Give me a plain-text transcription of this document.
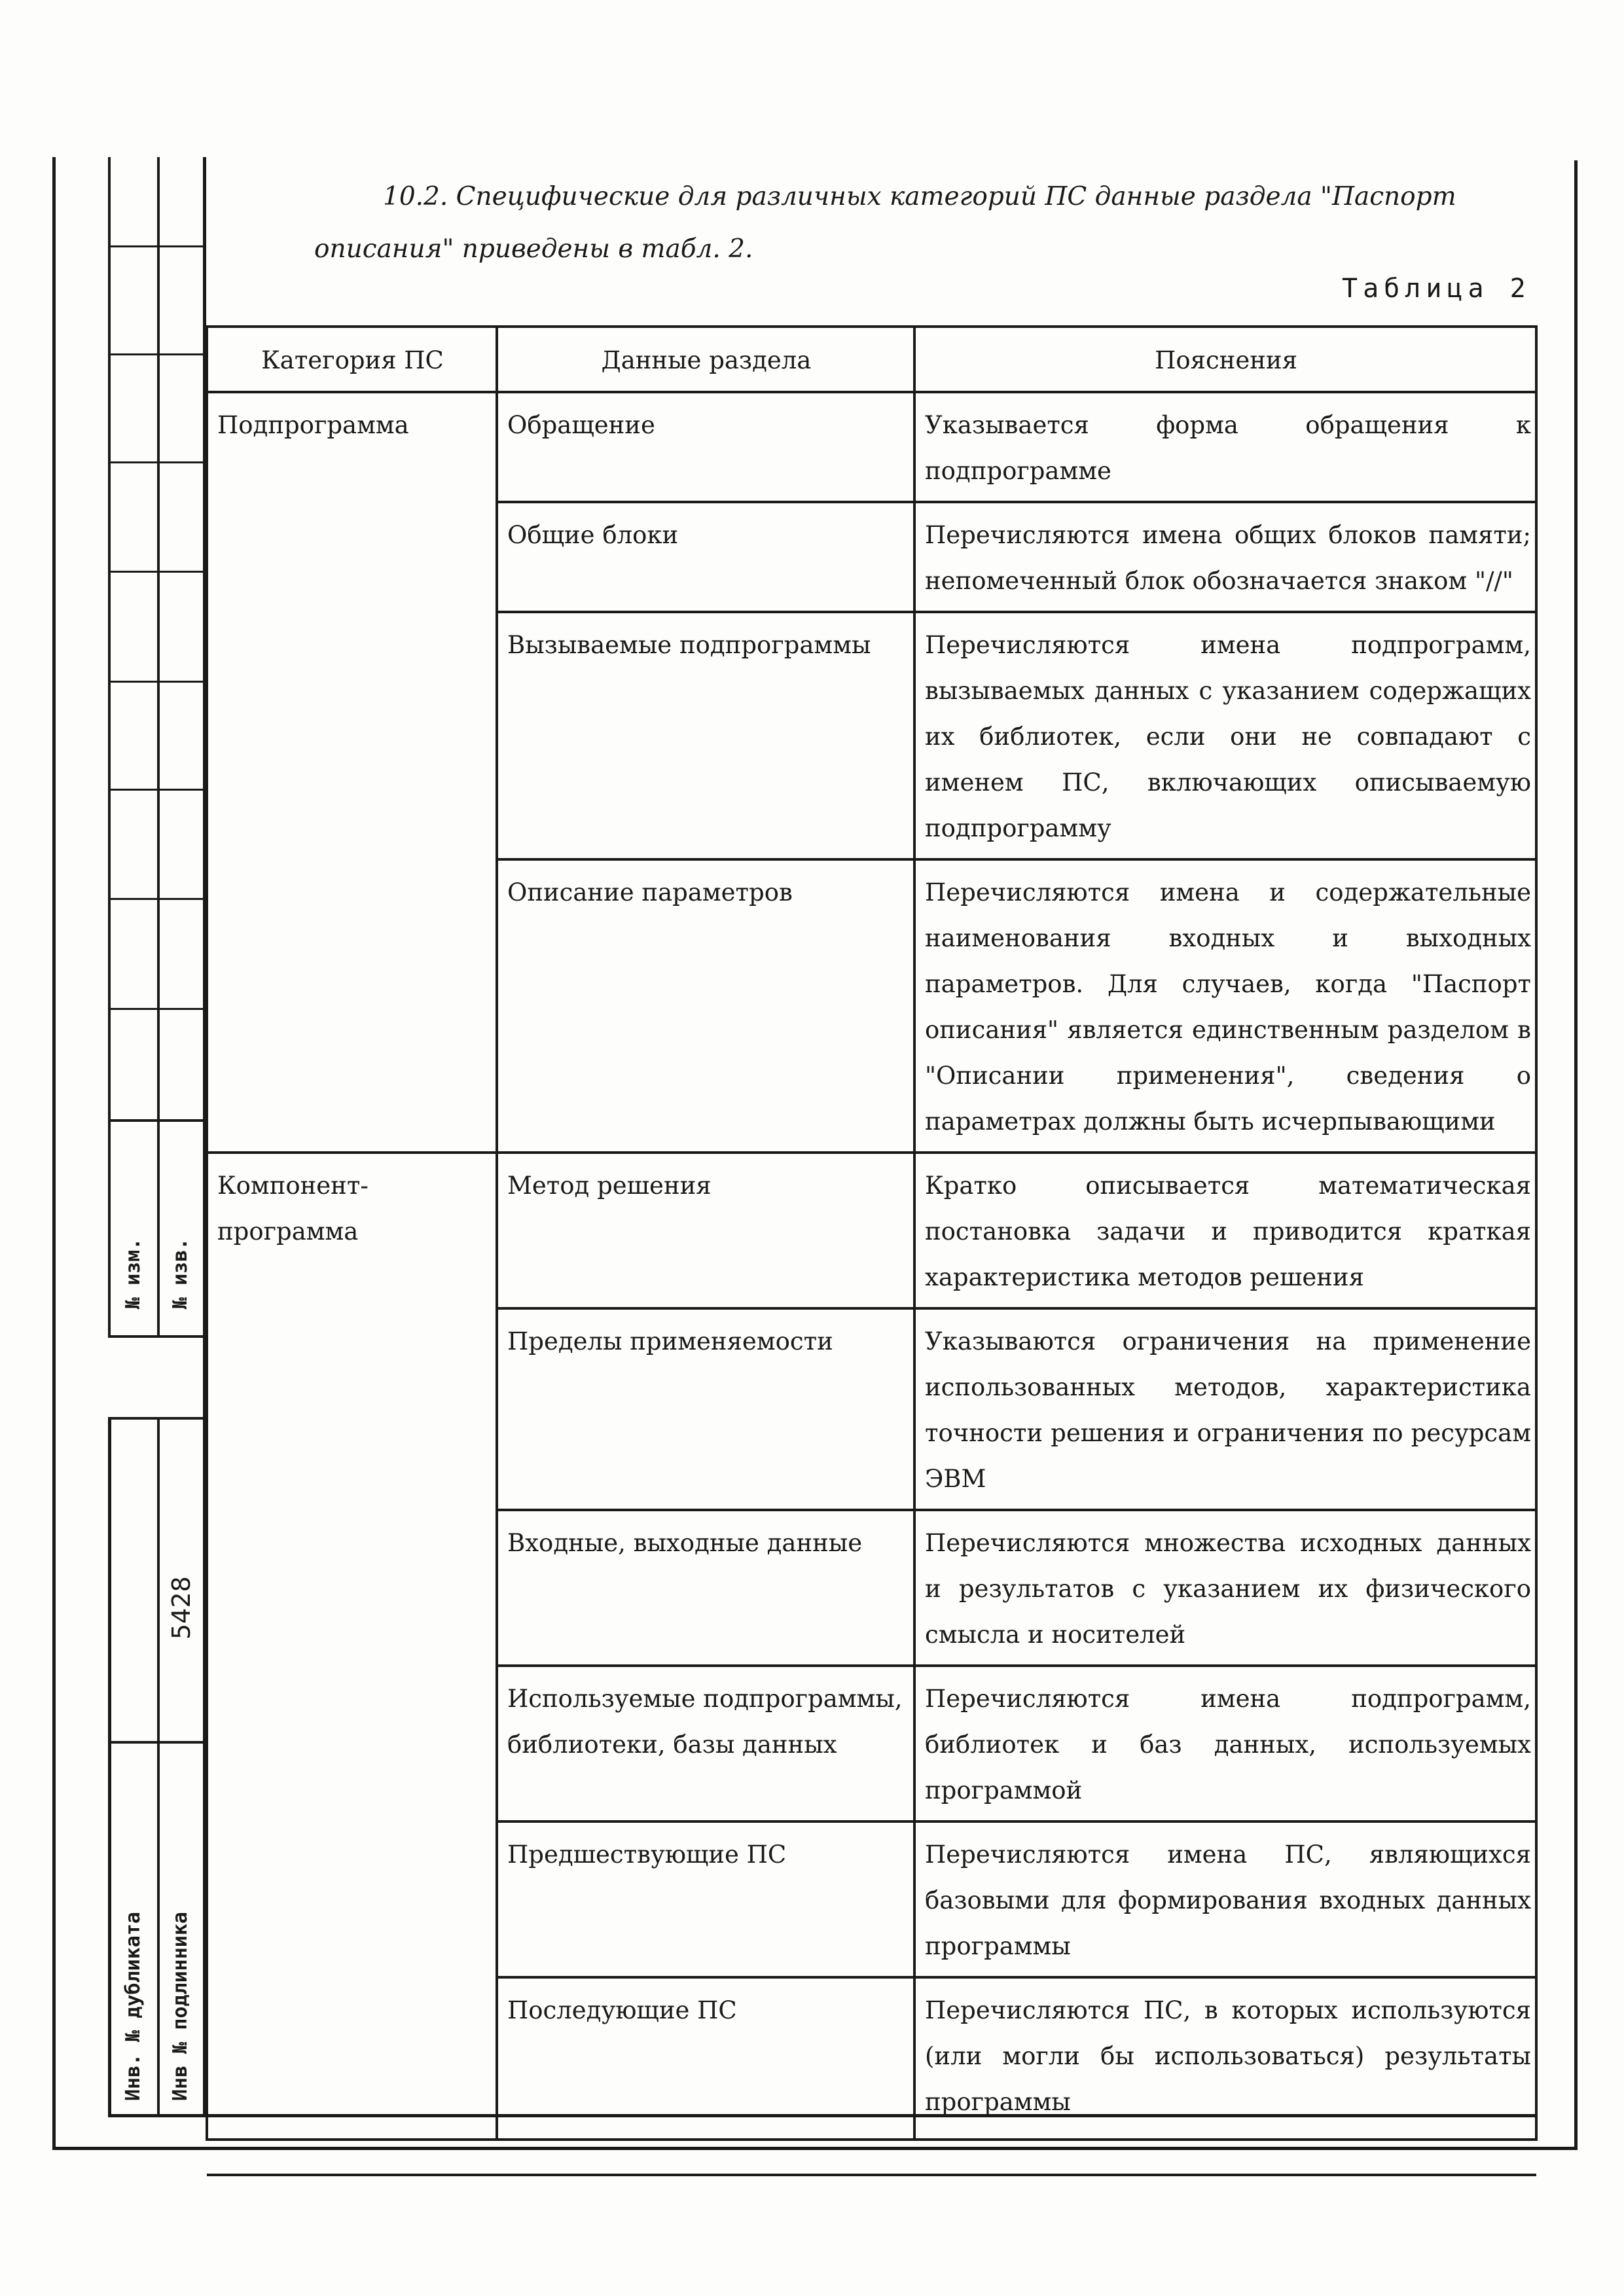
№ изм. № изв.
Инв. № дубликата Инв № подлинника
5428
10.2. Специфические для различных категорий ПС данные раздела "Паспорт
описания" приведены в табл. 2.
Таблица 2
Категория ПС	Данные раздела	Пояснения
Подпрограмма	Обращение	Указывается форма обращения к подпрограмме
	Общие блоки	Перечисляются имена общих блоков памяти; непомеченный блок обозначается знаком "//"
	Вызываемые подпрограммы	Перечисляются имена подпрограмм, вызываемых данных с указанием содержащих их библиотек, если они не совпадают с именем ПС, включающих описываемую подпрограмму
	Описание параметров	Перечисляются имена и содержательные наименования входных и выходных параметров. Для случаев, когда "Паспорт описания" является единственным разделом в "Описании применения", сведения о параметрах должны быть исчерпывающими
Компонент-программа	Метод решения	Кратко описывается математическая постановка задачи и приводится краткая характеристика методов решения
	Пределы применяемости	Указываются ограничения на применение использованных методов, характеристика точности решения и ограничения по ресурсам ЭВМ
	Входные, выходные данные	Перечисляются множества исходных данных и результатов с указанием их физического смысла и носителей
	Используемые подпрограммы, библиотеки, базы данных	Перечисляются имена подпрограмм, библиотек и баз данных, используемых программой
	Предшествующие ПС	Перечисляются имена ПС, являющихся базовыми для формирования входных данных программы
	Последующие ПС	Перечисляются ПС, в которых используются (или могли бы использоваться) результаты программы
